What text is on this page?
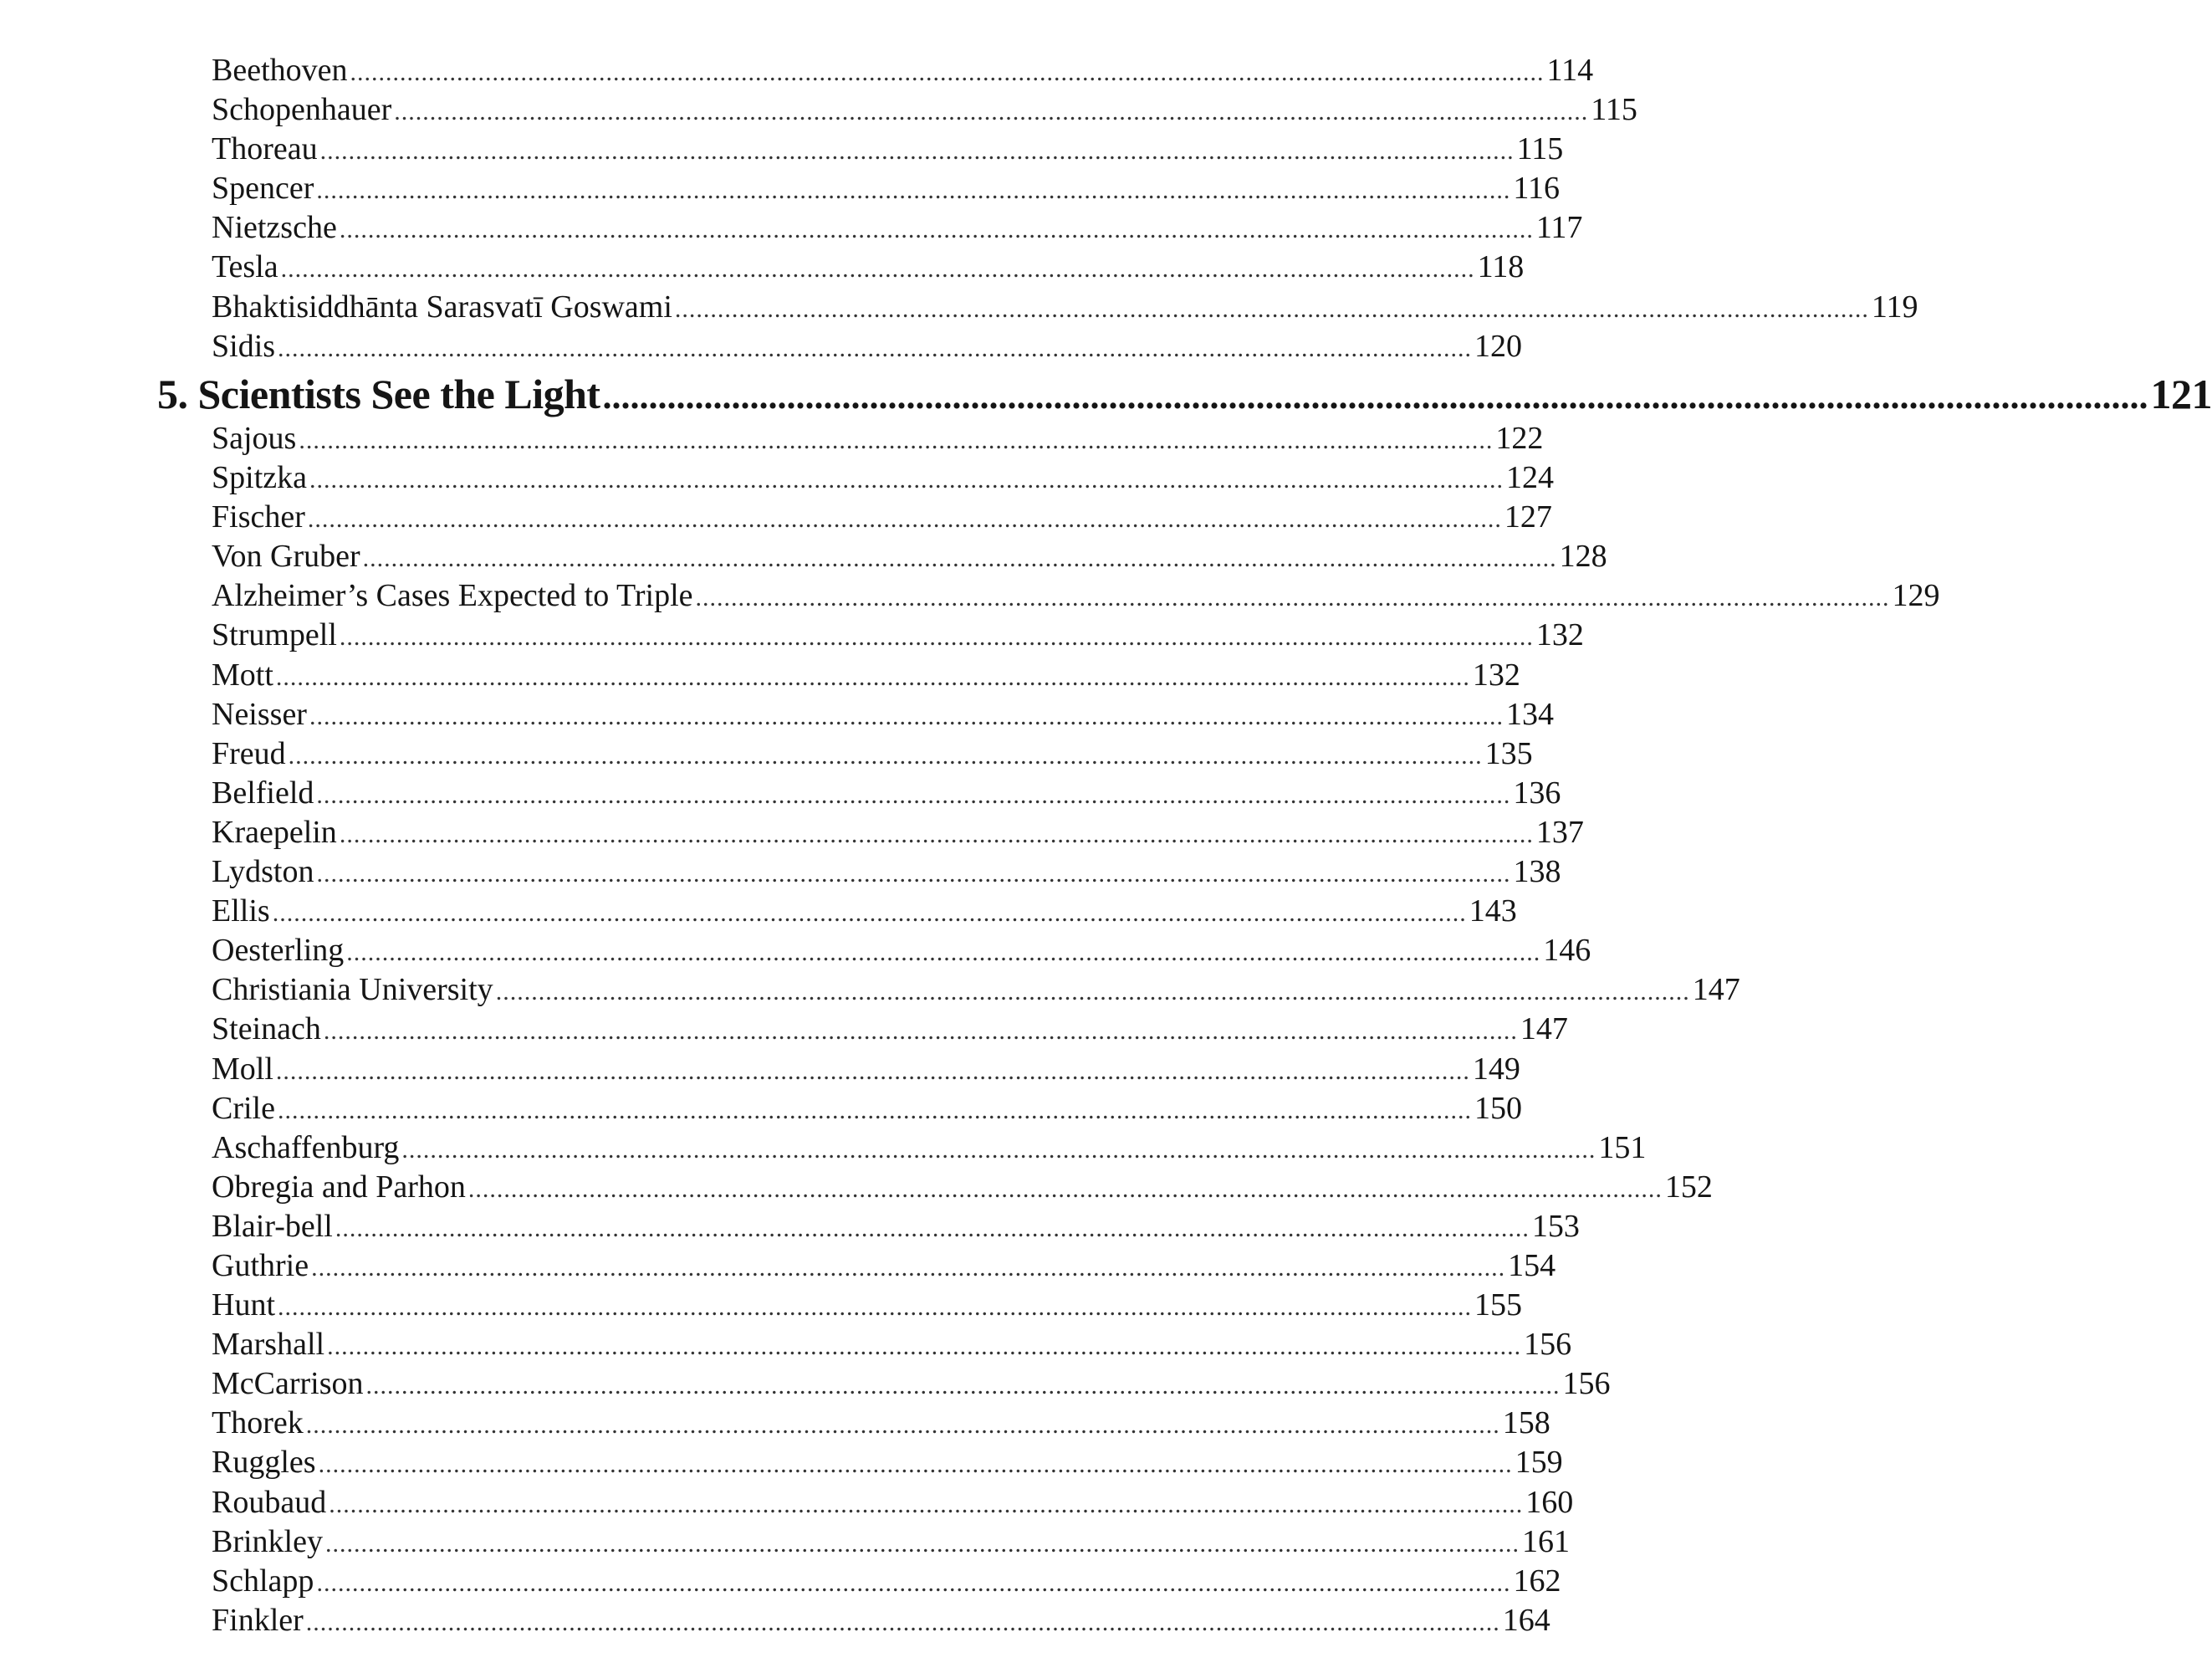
Beethoven ........................................................................................................................................................................ 114
Schopenhauer ........................................................................................................................................................................ 115
Thoreau ........................................................................................................................................................................ 115
Spencer ........................................................................................................................................................................ 116
Nietzsche ........................................................................................................................................................................ 117
Tesla ........................................................................................................................................................................ 118
Bhaktisiddhānta Sarasvatī Goswami ........................................................................................................................................................................ 119
Sidis ........................................................................................................................................................................ 120
5. Scientists See the Light ........................................................................................................................................................................ 121
Sajous ........................................................................................................................................................................ 122
Spitzka ........................................................................................................................................................................ 124
Fischer ........................................................................................................................................................................ 127
Von Gruber ........................................................................................................................................................................ 128
Alzheimer’s Cases Expected to Triple ........................................................................................................................................................................ 129
Strumpell ........................................................................................................................................................................ 132
Mott ........................................................................................................................................................................ 132
Neisser ........................................................................................................................................................................ 134
Freud ........................................................................................................................................................................ 135
Belfield ........................................................................................................................................................................ 136
Kraepelin ........................................................................................................................................................................ 137
Lydston ........................................................................................................................................................................ 138
Ellis ........................................................................................................................................................................ 143
Oesterling ........................................................................................................................................................................ 146
Christiania University ........................................................................................................................................................................ 147
Steinach ........................................................................................................................................................................ 147
Moll ........................................................................................................................................................................ 149
Crile ........................................................................................................................................................................ 150
Aschaffenburg ........................................................................................................................................................................ 151
Obregia and Parhon ........................................................................................................................................................................ 152
Blair-bell ........................................................................................................................................................................ 153
Guthrie ........................................................................................................................................................................ 154
Hunt ........................................................................................................................................................................ 155
Marshall ........................................................................................................................................................................ 156
McCarrison ........................................................................................................................................................................ 156
Thorek ........................................................................................................................................................................ 158
Ruggles ........................................................................................................................................................................ 159
Roubaud ........................................................................................................................................................................ 160
Brinkley ........................................................................................................................................................................ 161
Schlapp ........................................................................................................................................................................ 162
Finkler ........................................................................................................................................................................ 164
